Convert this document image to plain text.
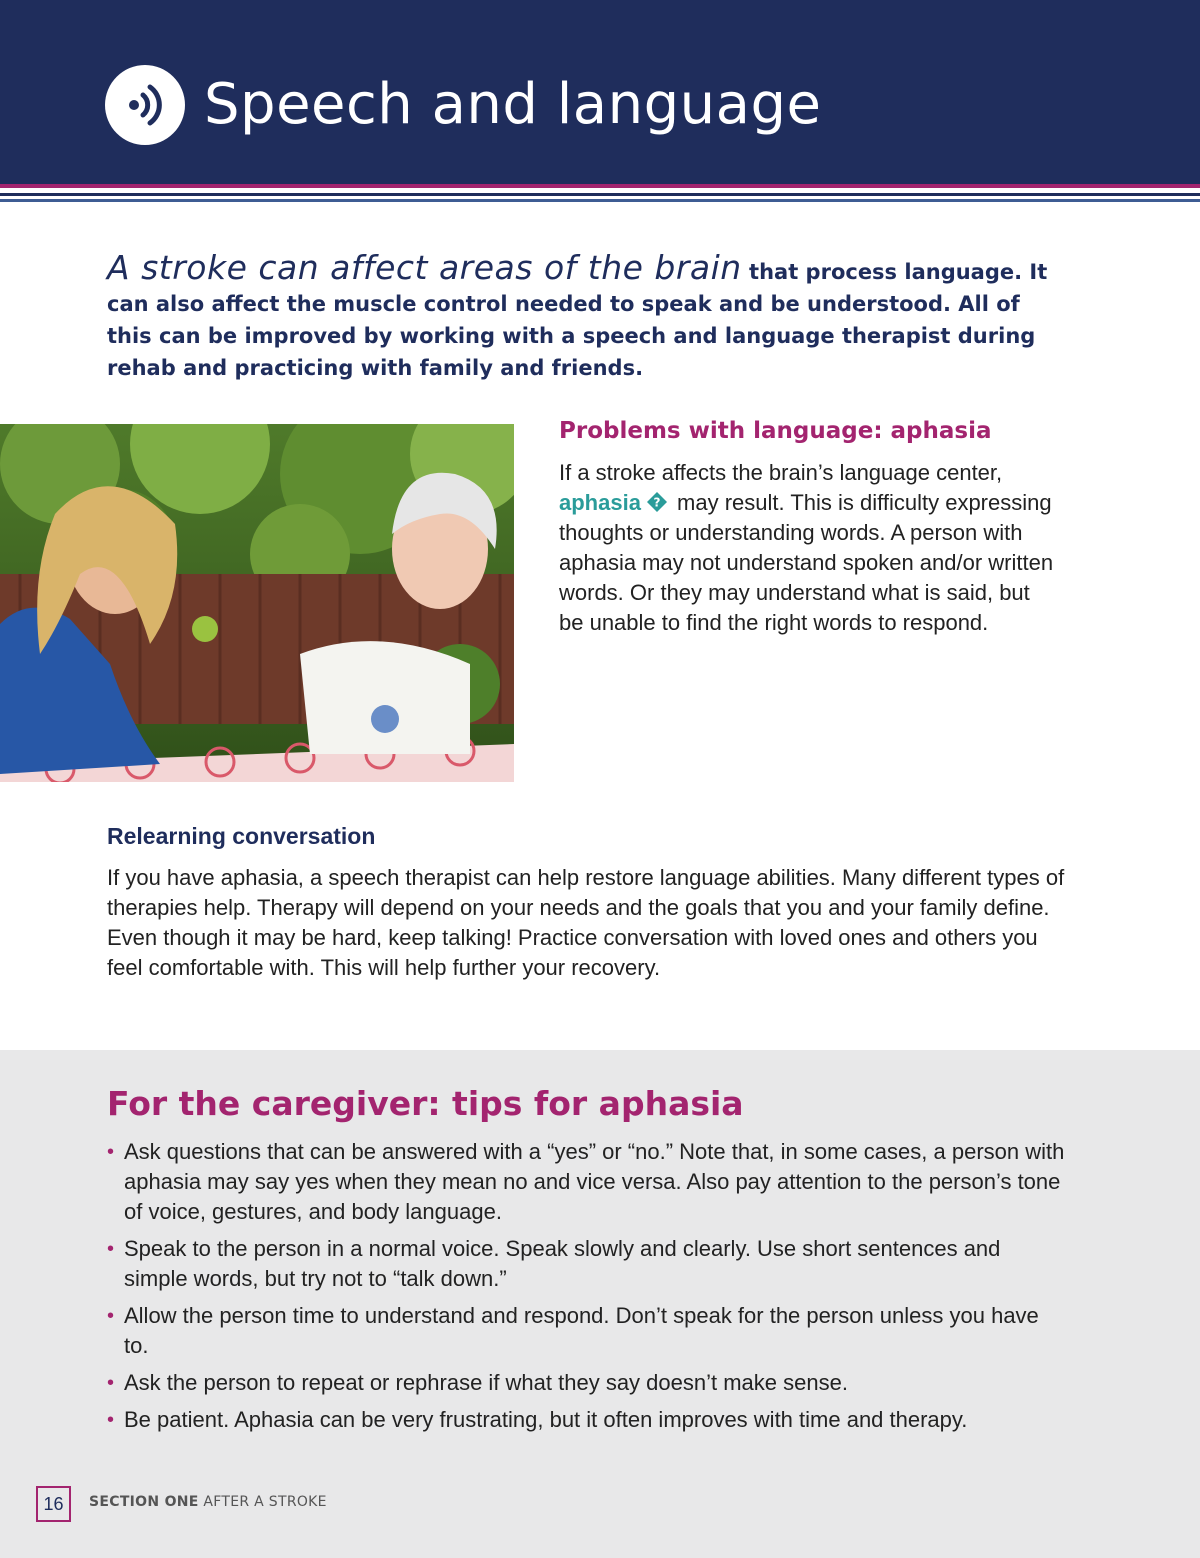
Speech and language
A stroke can affect areas of the brain that process language. It can also affect the muscle control needed to speak and be understood. All of this can be improved by working with a speech and language therapist during rehab and practicing with family and friends.
Problems with language: aphasia
If a stroke affects the brain’s language center, aphasia ? may result. This is difficulty expressing thoughts or understanding words. A person with aphasia may not understand spoken and/or written words. Or they may understand what is said, but be unable to find the right words to respond.
Relearning conversation
If you have aphasia, a speech therapist can help restore language abilities. Many different types of therapies help. Therapy will depend on your needs and the goals that you and your family define. Even though it may be hard, keep talking! Practice conversation with loved ones and others you feel comfortable with. This will help further your recovery.
For the caregiver: tips for aphasia
• Ask questions that can be answered with a “yes” or “no.” Note that, in some cases, a person with aphasia may say yes when they mean no and vice versa. Also pay attention to the person’s tone of voice, gestures, and body language.
• Speak to the person in a normal voice. Speak slowly and clearly. Use short sentences and simple words, but try not to “talk down.”
• Allow the person time to understand and respond. Don’t speak for the person unless you have to.
• Ask the person to repeat or rephrase if what they say doesn’t make sense.
• Be patient. Aphasia can be very frustrating, but it often improves with time and therapy.
16	SECTION ONE AFTER A STROKE
